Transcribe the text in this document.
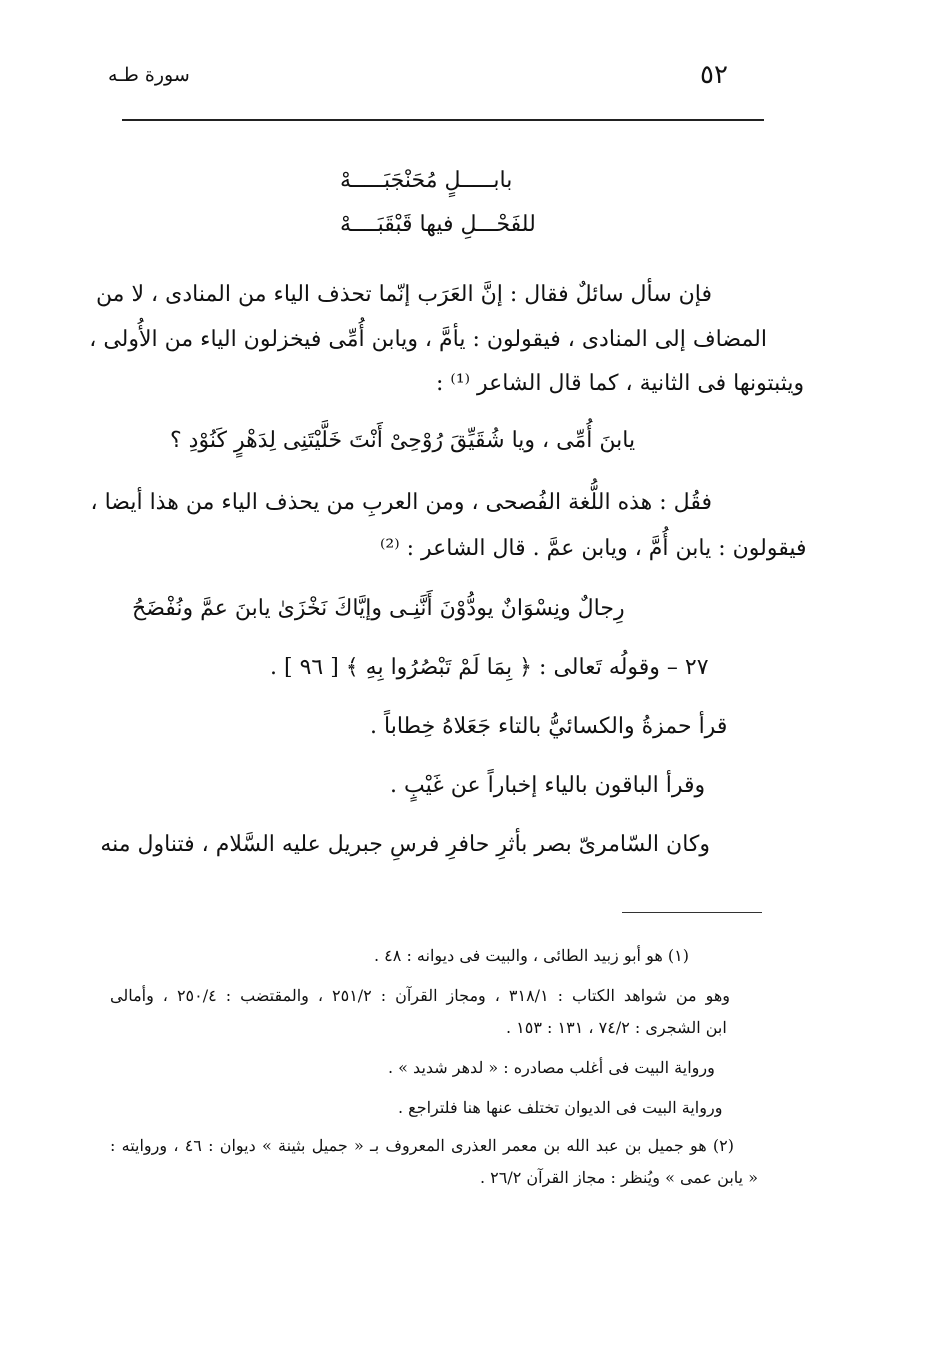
٥٢
سورة طـه
بابـــــلٍ مُحَنْجَبَـــــهْ
للفَحْـــلِ فيها قَبْقَبَــــهْ
فإن سأل سائلٌ فقال : إنَّ العَرَب إنّما تحذف الياء من المنادى ، لا من
المضاف إلى المنادى ، فيقولون : يأمَّ ، ويابن أُمِّى فيخزلون الياء من الأُولى ،
ويثبتونها فى الثانية ، كما قال الشاعر ⁽¹⁾ :
يابنَ أُمِّى ، ويا شُقَيِّقَ رُوْحِىْ أَنْتَ خَلَّيْتَنِى لِدَهْرٍ كَنُوْدِ ؟
فقُل : هذه اللُّغة الفُصحى ، ومن العربِ من يحذف الياء من هذا أيضا ،
فيقولون : يابن أُمَّ ، ويابن عمَّ . قال الشاعر : ⁽²⁾
رِجالٌ ونِسْوَانٌ يودُّوْنَ أَنَّنِـى وإيَّاكَ نَخْزَىٰ يابنَ عمَّ ونُفْضَحُ
٢٧ – وقولُه تَعالى : ﴿ بِمَا لَمْ تَبْصُرُوا بِهِ ﴾ [ ٩٦ ] .
قرأ حمزةُ والكسائيُّ بالتاء جَعَلاهُ خِطاباً .
وقرأ الباقون بالياء إخباراً عن غَيْبٍ .
وكان السّامرىّ بصر بأثرِ حافرِ فرسِ جبريل عليه السَّلام ، فتناول منه
(١) هو أبو زبيد الطائى ، والبيت فى ديوانه : ٤٨ .
وهو من شواهد الكتاب : ٣١٨/١ ، ومجاز القرآن : ٢٥١/٢ ، والمقتضب : ٢٥٠/٤ ، وأمالى
ابن الشجرى : ٧٤/٢ ، ١٣١ : ١٥٣ .
ورواية البيت فى أغلب مصادره : « لدهر شديد » .
ورواية البيت فى الديوان تختلف عنها هنا فلتراجع .
(٢) هو جميل بن عبد الله بن معمر العذرى المعروف بـ « جميل بثينة » ديوان : ٤٦ ، وروايته :
« يابن عمى » ويُنظر : مجاز القرآن ٢٦/٢ .
